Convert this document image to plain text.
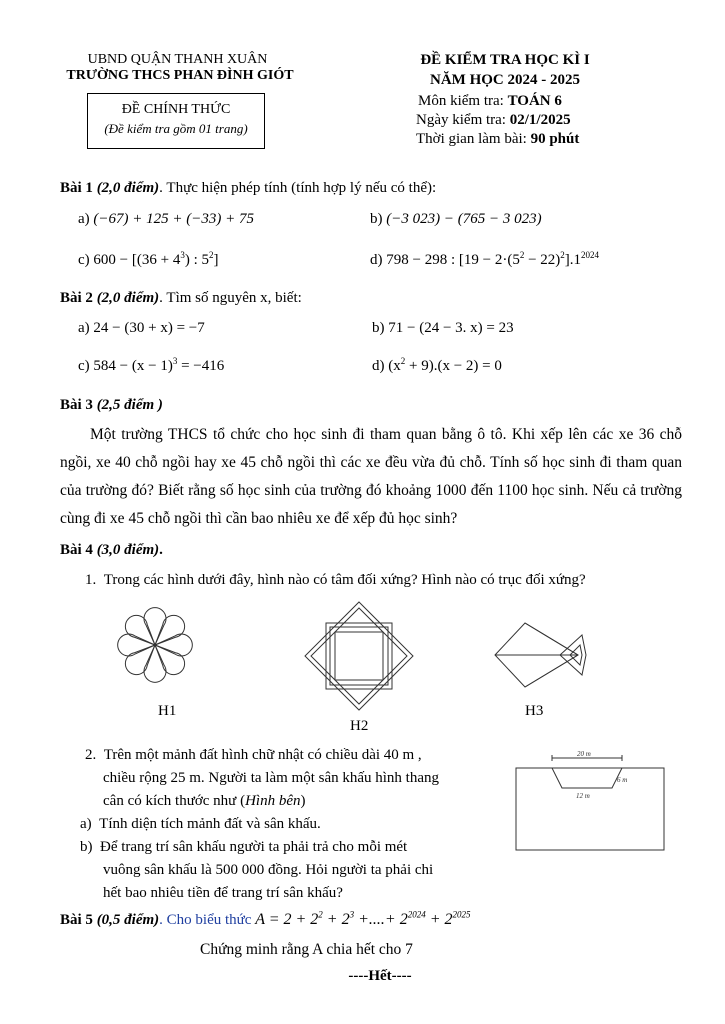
UBND QUẬN THANH XUÂN
TRƯỜNG THCS PHAN ĐÌNH GIÓT
ĐỀ CHÍNH THỨC
(Đề kiểm tra gồm 01 trang)
ĐỀ KIỂM TRA HỌC KÌ I
NĂM HỌC 2024 - 2025
Môn kiểm tra: TOÁN 6
Ngày kiểm tra: 02/1/2025
Thời gian làm bài: 90 phút
Bài 1 (2,0 điểm). Thực hiện phép tính (tính hợp lý nếu có thể):
a) (−67) + 125 + (−33) + 75	b) (−3 023) − (765 − 3 023)
c) $600 - [(36 + 4^3)$ : $5^2$]	d) 798 − 298 : $[19 - 2\cdot(5^2 - 22)^2].1^{2024}$
Bài 2 (2,0 điểm). Tìm số nguyên x, biết:
a) 24 − (30 + x) = −7	b) 71 − (24 − 3. x) = 23
c) $584 - (x - 1)^3 = -416$	d) $(x^2 + 9).(x - 2) = 0$
Bài 3 (2,5 điểm )
Một trường THCS tổ chức cho học sinh đi tham quan bằng ô tô. Khi xếp lên các xe 36 chỗ ngồi, xe 40 chỗ ngồi hay xe 45 chỗ ngồi thì các xe đều vừa đủ chỗ. Tính số học sinh đi tham quan của trường đó? Biết rằng số học sinh của trường đó khoảng 1000 đến 1100 học sinh. Nếu cả trường cùng đi xe 45 chỗ ngồi thì cần bao nhiêu xe để xếp đủ học sinh?
Bài 4 (3,0 điểm).
1. Trong các hình dưới đây, hình nào có tâm đối xứng? Hình nào có trục đối xứng?
H1
H2
H3
2. Trên một mảnh đất hình chữ nhật có chiều dài 40 m ,
chiều rộng 25 m. Người ta làm một sân khấu hình thang
cân có kích thước như (Hình bên)
a) Tính diện tích mảnh đất và sân khấu.
b) Để trang trí sân khấu người ta phải trả cho mỗi mét
vuông sân khấu là 500 000 đồng. Hỏi người ta phải chi
hết bao nhiêu tiền để trang trí sân khấu?
20 m
6 m
12 m
Bài 5 (0,5 điểm). Cho biểu thức $A = 2 + 2^2 + 2^3$ +....+ $2^{2024} + 2^{2025}$
Chứng minh rằng A chia hết cho 7
----Hết----
